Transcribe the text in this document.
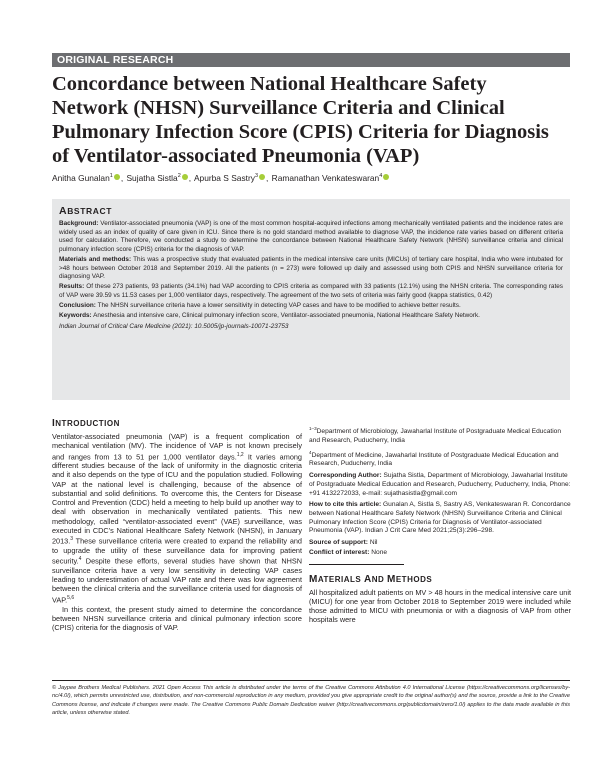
ORIGINAL RESEARCH
Concordance between National Healthcare Safety Network (NHSN) Surveillance Criteria and Clinical Pulmonary Infection Score (CPIS) Criteria for Diagnosis of Ventilator-associated Pneumonia (VAP)
Anitha Gunalan$^1$ , Sujatha Sistla$^2$ , Apurba S Sastry$^3$ , Ramanathan Venkateswaran$^4$
ABSTRACT

Background: Ventilator-associated pneumonia (VAP) is one of the most common hospital-acquired infections among mechanically ventilated patients and the incidence rates are widely used as an index of quality of care given in ICU. Since there is no gold standard method available to diagnose VAP, the incidence rate varies based on different criteria used for calculation. Therefore, we conducted a study to determine the concordance between National Healthcare Safety Network (NHSN) surveillance criteria and clinical pulmonary infection score (CPIS) criteria for the diagnosis of VAP.

Materials and methods: This was a prospective study that evaluated patients in the medical intensive care units (MICUs) of tertiary care hospital, India who were intubated for >48 hours between October 2018 and September 2019. All the patients (n = 273) were followed up daily and assessed using both CPIS and NHSN surveillance criteria for diagnosing VAP.

Results: Of these 273 patients, 93 patients (34.1%) had VAP according to CPIS criteria as compared with 33 patients (12.1%) using the NHSN criteria. The corresponding rates of VAP were 39.59 vs 11.53 cases per 1,000 ventilator days, respectively. The agreement of the two sets of criteria was fairly good (kappa statistics, 0.42)

Conclusion: The NHSN surveillance criteria have a lower sensitivity in detecting VAP cases and have to be modified to achieve better results.

Keywords: Anesthesia and intensive care, Clinical pulmonary infection score, Ventilator-associated pneumonia, National Healthcare Safety Network.

Indian Journal of Critical Care Medicine (2021): 10.5005/jp-journals-10071-23753

INTRODUCTION

Ventilator-associated pneumonia (VAP) is a frequent complication of mechanical ventilation (MV). The incidence of VAP is not known precisely and ranges from 13 to 51 per 1,000 ventilator days.$^{1,2}$ It varies among different studies because of the lack of uniformity in the diagnostic criteria and it also depends on the type of ICU and the population studied. Following VAP at the national level is challenging, because of the absence of substantial and solid definitions. To overcome this, the Centers for Disease Control and Prevention (CDC) held a meeting to help build up another way to deal with observation in mechanically ventilated patients. This new methodology, called “ventilator-associated event” (VAE) surveillance, was executed in CDC’s National Healthcare Safety Network (NHSN), in January 2013.$^3$ These surveillance criteria were created to expand the reliability and to upgrade the utility of these surveillance data for improving patient security.$^4$ Despite these efforts, several studies have shown that NHSN surveillance criteria have a very low sensitivity in detecting VAP cases leading to underestimation of actual VAP rate and there was low agreement between the clinical criteria and the surveillance criteria used for diagnosis of VAP.$^{5,6}$

In this context, the present study aimed to determine the concordance between NHSN surveillance criteria and clinical pulmonary infection score (CPIS) criteria for the diagnosis of VAP.

$^{1-3}$Department of Microbiology, Jawaharlal Institute of Postgraduate Medical Education and Research, Puducherry, India

$^4$Department of Medicine, Jawaharlal Institute of Postgraduate Medical Education and Research, Puducherry, India

Corresponding Author: Sujatha Sistla, Department of Microbiology, Jawaharlal Institute of Postgraduate Medical Education and Research, Puducherry, Puducherry, India, Phone: +91 4132272033, e-mail: sujathasistla@gmail.com

How to cite this article: Gunalan A, Sistla S, Sastry AS, Venkateswaran R. Concordance between National Healthcare Safety Network (NHSN) Surveillance Criteria and Clinical Pulmonary Infection Score (CPIS) Criteria for Diagnosis of Ventilator-associated Pneumonia (VAP). Indian J Crit Care Med 2021;25(3):296–298.

Source of support: Nil

Conflict of interest: None

MATERIALS AND METHODS

All hospitalized adult patients on MV > 48 hours in the medical intensive care unit (MICU) for one year from October 2018 to September 2019 were included while those admitted to MICU with pneumonia or with a diagnosis of VAP from other hospitals were

© Jaypee Brothers Medical Publishers. 2021 Open Access This article is distributed under the terms of the Creative Commons Attribution 4.0 International License (https://creativecommons.org/licenses/by-nc/4.0/), which permits unrestricted use, distribution, and non-commercial reproduction in any medium, provided you give appropriate credit to the original author(s) and the source, provide a link to the Creative Commons license, and indicate if changes were made. The Creative Commons Public Domain Dedication waiver (http://creativecommons.org/publicdomain/zero/1.0/) applies to the data made available in this article, unless otherwise stated.
